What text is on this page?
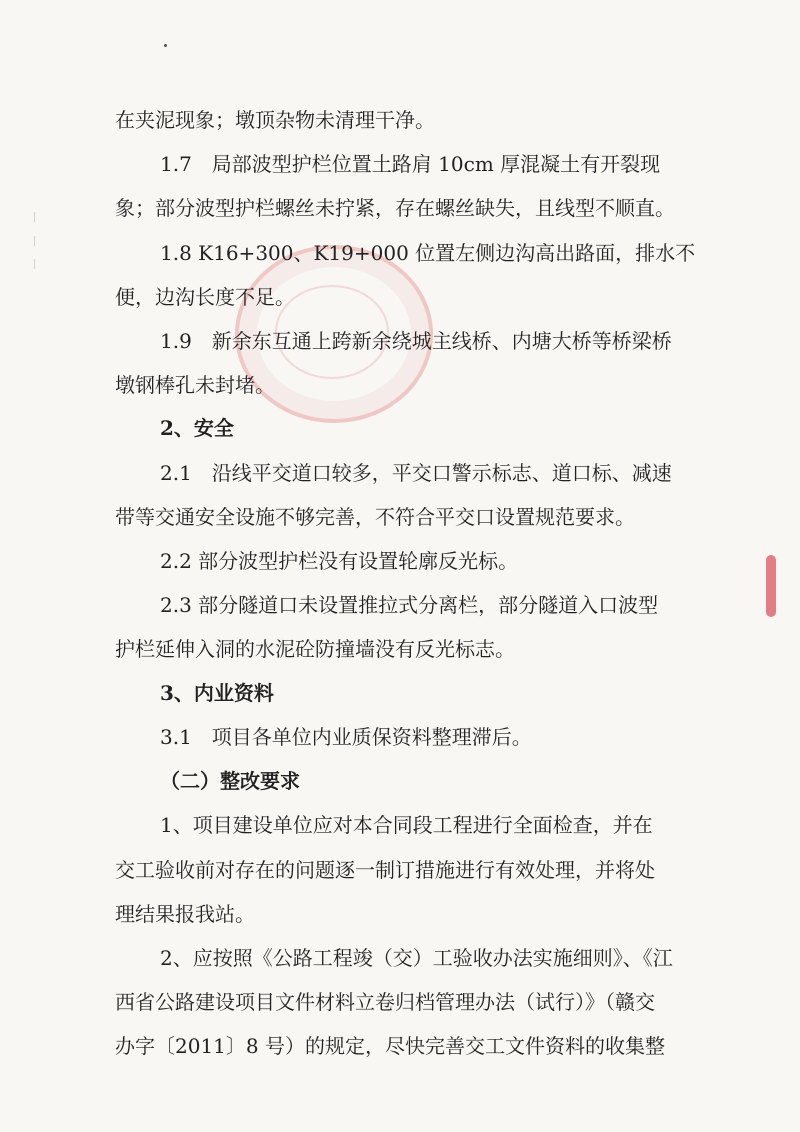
在夹泥现象；墩顶杂物未清理干净。
1.7　局部波型护栏位置土路肩 10cm 厚混凝土有开裂现
象；部分波型护栏螺丝未拧紧，存在螺丝缺失，且线型不顺直。
1.8 K16+300、K19+000 位置左侧边沟高出路面，排水不
便，边沟长度不足。
1.9　新余东互通上跨新余绕城主线桥、内塘大桥等桥梁桥
墩钢棒孔未封堵。
2、安全
2.1　沿线平交道口较多，平交口警示标志、道口标、减速
带等交通安全设施不够完善，不符合平交口设置规范要求。
2.2 部分波型护栏没有设置轮廓反光标。
2.3 部分隧道口未设置推拉式分离栏，部分隧道入口波型
护栏延伸入洞的水泥砼防撞墙没有反光标志。
3、内业资料
3.1　项目各单位内业质保资料整理滞后。
（二）整改要求
1、项目建设单位应对本合同段工程进行全面检查，并在
交工验收前对存在的问题逐一制订措施进行有效处理，并将处
理结果报我站。
2、应按照《公路工程竣（交）工验收办法实施细则》、《江
西省公路建设项目文件材料立卷归档管理办法（试行）》（赣交
办字〔2011〕8 号）的规定，尽快完善交工文件资料的收集整
